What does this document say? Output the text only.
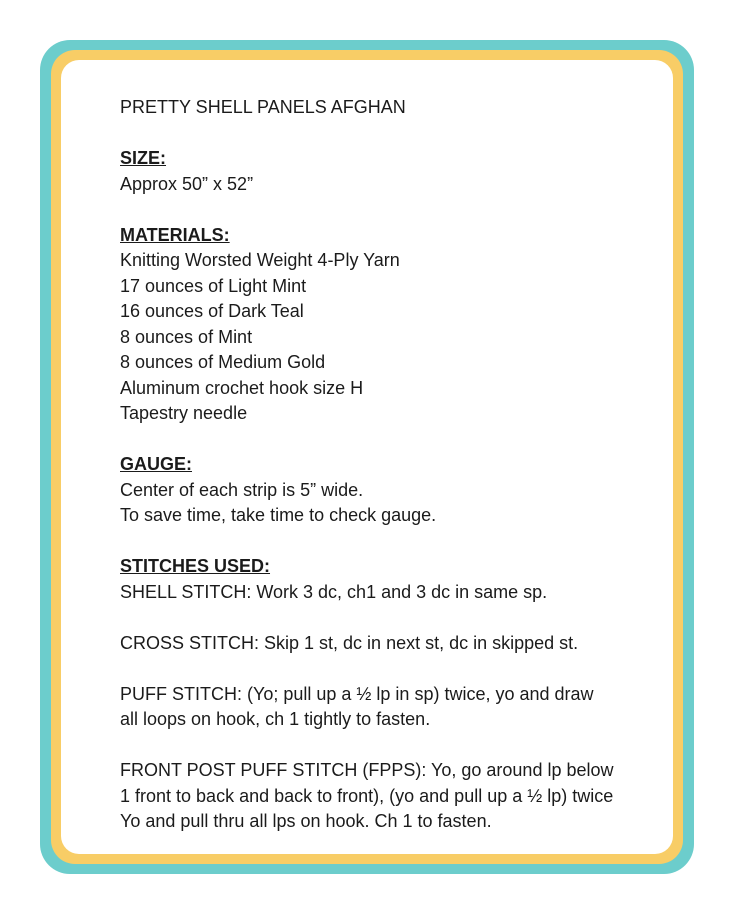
PRETTY SHELL PANELS AFGHAN
SIZE:
Approx 50” x 52”
MATERIALS:
Knitting Worsted Weight 4-Ply Yarn
17 ounces of Light Mint
16 ounces of Dark Teal
8 ounces of Mint
8 ounces of Medium Gold
Aluminum crochet hook size H
Tapestry needle
GAUGE:
Center of each strip is 5” wide.
To save time, take time to check gauge.
STITCHES USED:
SHELL STITCH: Work 3 dc, ch1 and 3 dc in same sp.
CROSS STITCH: Skip 1 st, dc in next st, dc in skipped st.
PUFF STITCH: (Yo; pull up a ½ lp in sp) twice, yo and draw
all loops on hook, ch 1 tightly to fasten.
FRONT POST PUFF STITCH (FPPS): Yo, go around lp below
1 front to back and back to front), (yo and pull up a ½ lp) twice
Yo and pull thru all lps on hook. Ch 1 to fasten.
